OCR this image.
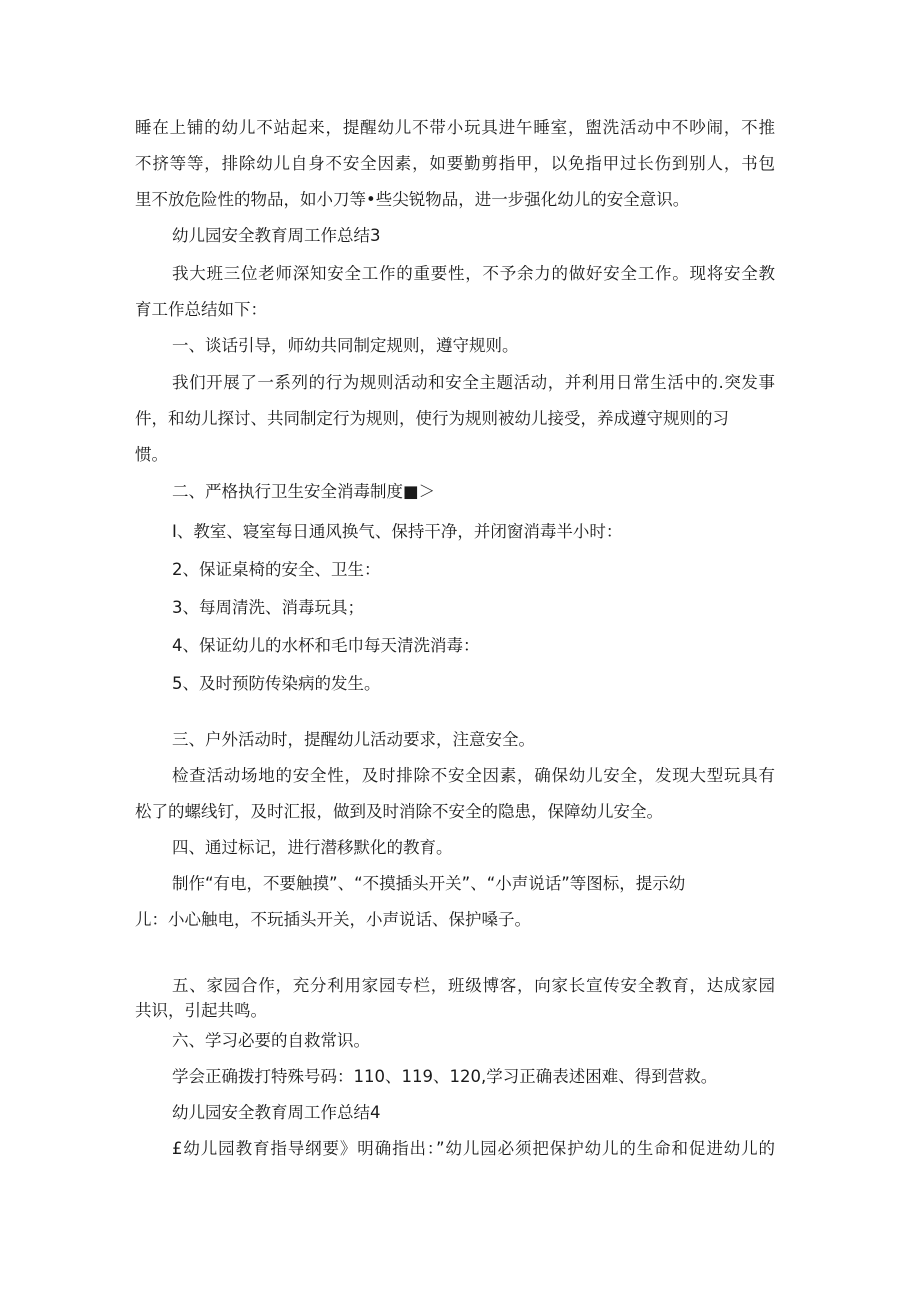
睡在上铺的幼儿不站起来，提醒幼儿不带小玩具进午睡室，盥洗活动中不吵闹，不推
不挤等等，排除幼儿自身不安全因素，如要勤剪指甲，以免指甲过长伤到别人，书包
里不放危险性的物品，如小刀等•些尖锐物品，进一步强化幼儿的安全意识。
幼儿园安全教育周工作总结3
我大班三位老师深知安全工作的重要性，不予余力的做好安全工作。现将安全教
育工作总结如下：
一、谈话引导，师幼共同制定规则，遵守规则。
我们开展了一系列的行为规则活动和安全主题活动，并利用日常生活中的.突发事
件，和幼儿探讨、共同制定行为规则，使行为规则被幼儿接受，养成遵守规则的习
惯。
二、严格执行卫生安全消毒制度■＞
I、教室、寝室每日通风换气、保持干净，并闭窗消毒半小时：
2、保证桌椅的安全、卫生：
3、每周清洗、消毒玩具；
4、保证幼儿的水杯和毛巾每天清洗消毒：
5、及时预防传染病的发生。
三、户外活动时，提醒幼儿活动要求，注意安全。
检查活动场地的安全性，及时排除不安全因素，确保幼儿安全，发现大型玩具有
松了的螺线钉，及时汇报，做到及时消除不安全的隐患，保障幼儿安全。
四、通过标记，进行潜移默化的教育。
制作“有电，不要触摸”、“不摸插头开关”、“小声说话”等图标，提示幼
儿：小心触电，不玩插头开关，小声说话、保护嗓子。
五、家园合作，充分利用家园专栏，班级博客，向家长宣传安全教育，达成家园
共识，引起共鸣。
六、学习必要的自救常识。
学会正确拨打特殊号码：110、119、120,学习正确表述困难、得到营救。
幼儿园安全教育周工作总结4
£幼儿园教育指导纲要》明确指出：”幼儿园必须把保护幼儿的生命和促进幼儿的
